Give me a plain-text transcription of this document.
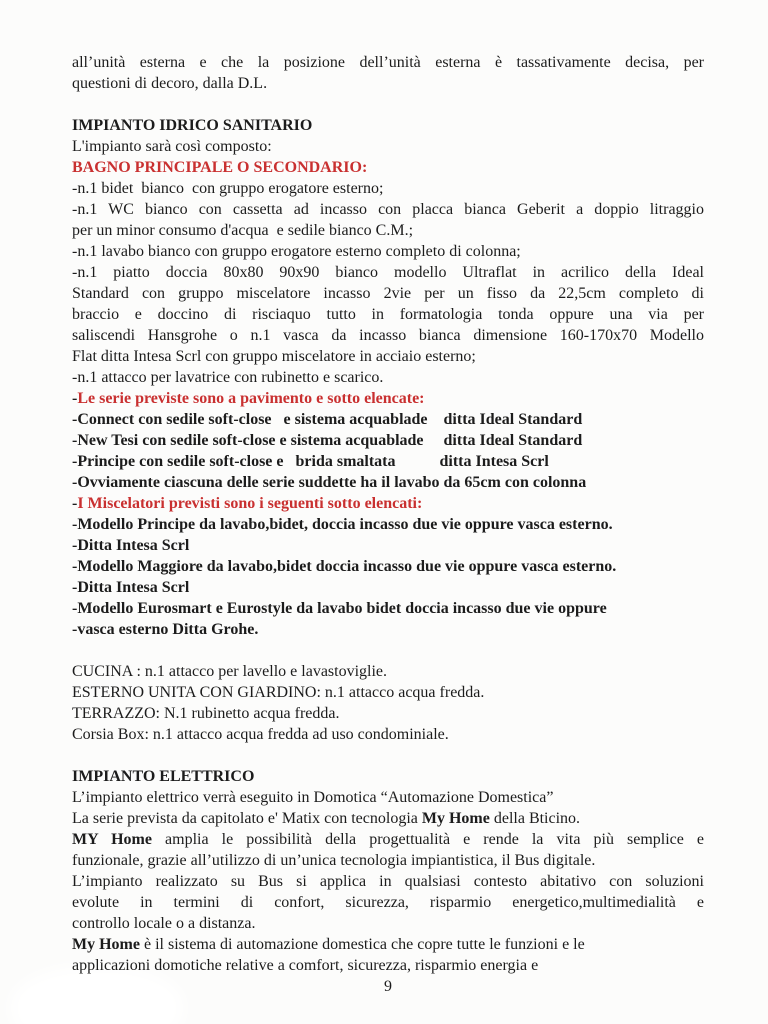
all’unità esterna e che la posizione dell’unità esterna è tassativamente decisa, per
questioni di decoro, dalla D.L.
IMPIANTO IDRICO SANITARIO
L'impianto sarà così composto:
BAGNO PRINCIPALE O SECONDARIO:
-n.1 bidet  bianco  con gruppo erogatore esterno;
-n.1 WC bianco con cassetta ad incasso con placca bianca Geberit a doppio litraggio
per un minor consumo d'acqua  e sedile bianco C.M.;
-n.1 lavabo bianco con gruppo erogatore esterno completo di colonna;
-n.1 piatto doccia 80x80 90x90 bianco modello Ultraflat in acrilico della Ideal
Standard con gruppo miscelatore incasso 2vie per un fisso da 22,5cm completo di
braccio e doccino di risciaquo tutto in formatologia tonda oppure una via per
saliscendi Hansgrohe o n.1 vasca da incasso bianca dimensione 160-170x70 Modello
Flat ditta Intesa Scrl con gruppo miscelatore in acciaio esterno;
-n.1 attacco per lavatrice con rubinetto e scarico.
-Le serie previste sono a pavimento e sotto elencate:
-Connect con sedile soft-close   e sistema acquablade    ditta Ideal Standard
-New Tesi con sedile soft-close e sistema acquablade     ditta Ideal Standard
-Principe con sedile soft-close e   brida smaltata           ditta Intesa Scrl
-Ovviamente ciascuna delle serie suddette ha il lavabo da 65cm con colonna
-I Miscelatori previsti sono i seguenti sotto elencati:
-Modello Principe da lavabo,bidet, doccia incasso due vie oppure vasca esterno.
-Ditta Intesa Scrl
-Modello Maggiore da lavabo,bidet doccia incasso due vie oppure vasca esterno.
-Ditta Intesa Scrl
-Modello Eurosmart e Eurostyle da lavabo bidet doccia incasso due vie oppure
-vasca esterno Ditta Grohe.
CUCINA : n.1 attacco per lavello e lavastoviglie.
ESTERNO UNITA CON GIARDINO: n.1 attacco acqua fredda.
TERRAZZO: N.1 rubinetto acqua fredda.
Corsia Box: n.1 attacco acqua fredda ad uso condominiale.
IMPIANTO ELETTRICO
L’impianto elettrico verrà eseguito in Domotica “Automazione Domestica”
La serie prevista da capitolato e' Matix con tecnologia My Home della Bticino.
MY Home amplia le possibilità della progettualità e rende la vita più semplice e
funzionale, grazie all’utilizzo di un’unica tecnologia impiantistica, il Bus digitale.
L’impianto realizzato su Bus si applica in qualsiasi contesto abitativo con soluzioni
evolute in termini di confort, sicurezza, risparmio energetico,multimedialità e
controllo locale o a distanza.
My Home è il sistema di automazione domestica che copre tutte le funzioni e le
applicazioni domotiche relative a comfort, sicurezza, risparmio energia e
9
